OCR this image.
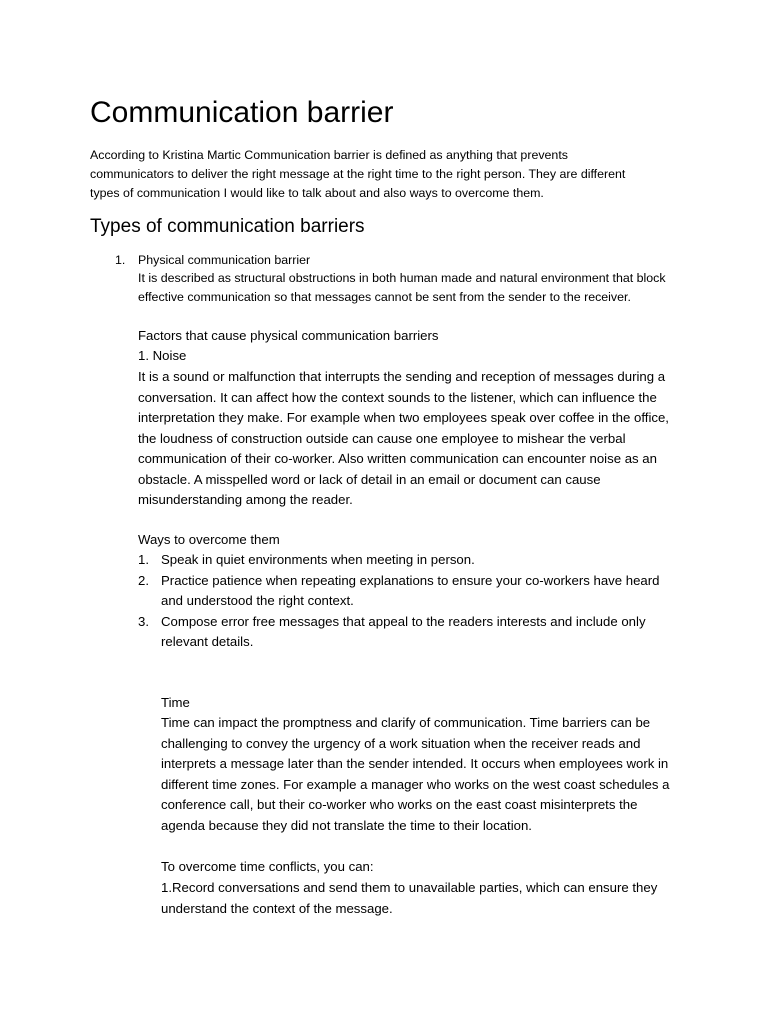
Communication barrier

According to Kristina Martic Communication barrier is defined as anything that prevents communicators to deliver the right message at the right time to the right person. They are different types of communication I would like to talk about and also ways to overcome them.

Types of communication barriers
1. Physical communication barrier

It is described as structural obstructions in both human made and natural environment that block effective communication so that messages cannot be sent from the sender to the receiver.

Factors that cause physical communication barriers
1. Noise

It is a sound or malfunction that interrupts the sending and reception of messages during a conversation. It can affect how the context sounds to the listener, which can influence the interpretation they make. For example when two employees speak over coffee in the office, the loudness of construction outside can cause one employee to mishear the verbal communication of their co-worker. Also written communication can encounter noise as an obstacle. A misspelled word or lack of detail in an email or document can cause misunderstanding among the reader.

Ways to overcome them
1. Speak in quiet environments when meeting in person.
2. Practice patience when repeating explanations to ensure your co-workers have heard and understood the right context.
3. Compose error free messages that appeal to the readers interests and include only relevant details.
Time

Time can impact the promptness and clarify of communication. Time barriers can be challenging to convey the urgency of a work situation when the receiver reads and interprets a message later than the sender intended. It occurs when employees work in different time zones. For example a manager who works on the west coast schedules a conference call, but their co-worker who works on the east coast misinterprets the agenda because they did not translate the time to their location.

To overcome time conflicts, you can:

1.Record conversations and send them to unavailable parties, which can ensure they understand the context of the message.
